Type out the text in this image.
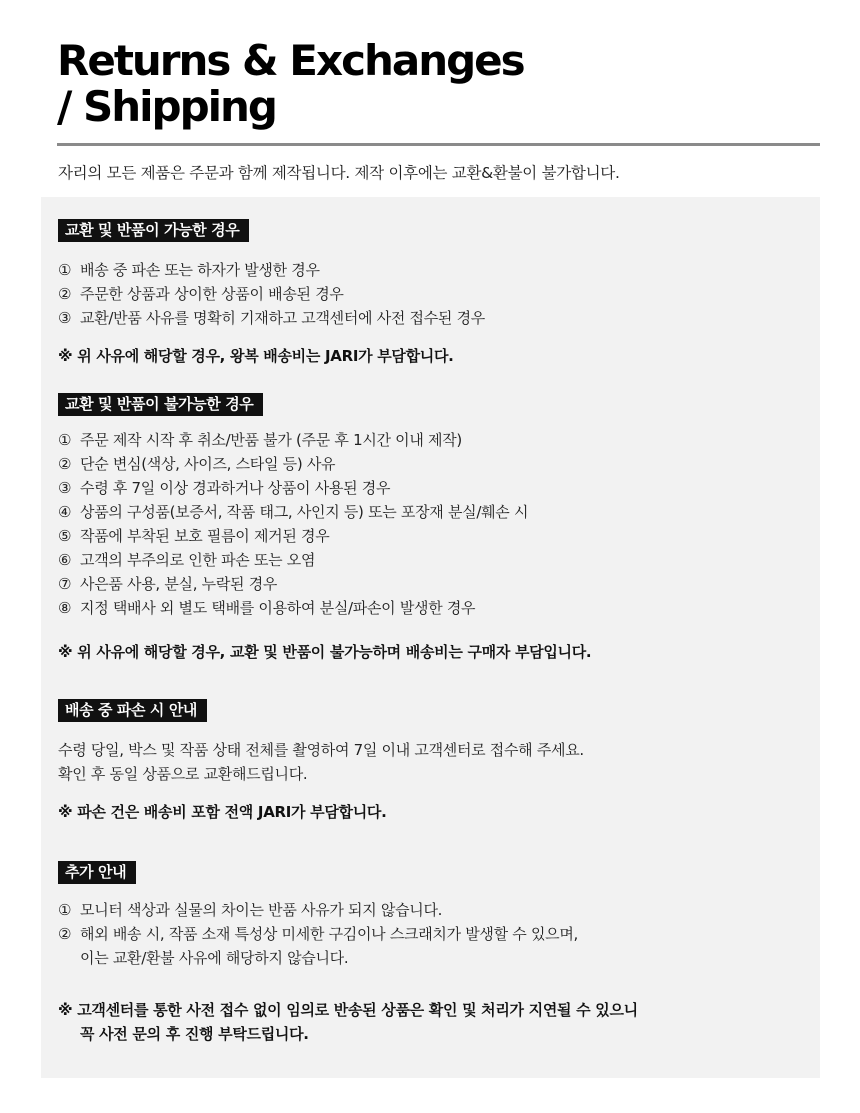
Returns & Exchanges
/ Shipping
자리의 모든 제품은 주문과 함께 제작됩니다. 제작 이후에는 교환&환불이 불가합니다.
교환 및 반품이 가능한 경우
① 배송 중 파손 또는 하자가 발생한 경우
② 주문한 상품과 상이한 상품이 배송된 경우
③ 교환/반품 사유를 명확히 기재하고 고객센터에 사전 접수된 경우
※ 위 사유에 해당할 경우, 왕복 배송비는 JARI가 부담합니다.
교환 및 반품이 불가능한 경우
① 주문 제작 시작 후 취소/반품 불가 (주문 후 1시간 이내 제작)
② 단순 변심(색상, 사이즈, 스타일 등) 사유
③ 수령 후 7일 이상 경과하거나 상품이 사용된 경우
④ 상품의 구성품(보증서, 작품 태그, 사인지 등) 또는 포장재 분실/훼손 시
⑤ 작품에 부착된 보호 필름이 제거된 경우
⑥ 고객의 부주의로 인한 파손 또는 오염
⑦ 사은품 사용, 분실, 누락된 경우
⑧ 지정 택배사 외 별도 택배를 이용하여 분실/파손이 발생한 경우
※ 위 사유에 해당할 경우, 교환 및 반품이 불가능하며 배송비는 구매자 부담입니다.
배송 중 파손 시 안내
수령 당일, 박스 및 작품 상태 전체를 촬영하여 7일 이내 고객센터로 접수해 주세요.
확인 후 동일 상품으로 교환해드립니다.
※ 파손 건은 배송비 포함 전액 JARI가 부담합니다.
추가 안내
① 모니터 색상과 실물의 차이는 반품 사유가 되지 않습니다.
② 해외 배송 시, 작품 소재 특성상 미세한 구김이나 스크래치가 발생할 수 있으며,
이는 교환/환불 사유에 해당하지 않습니다.
※ 고객센터를 통한 사전 접수 없이 임의로 반송된 상품은 확인 및 처리가 지연될 수 있으니
꼭 사전 문의 후 진행 부탁드립니다.
